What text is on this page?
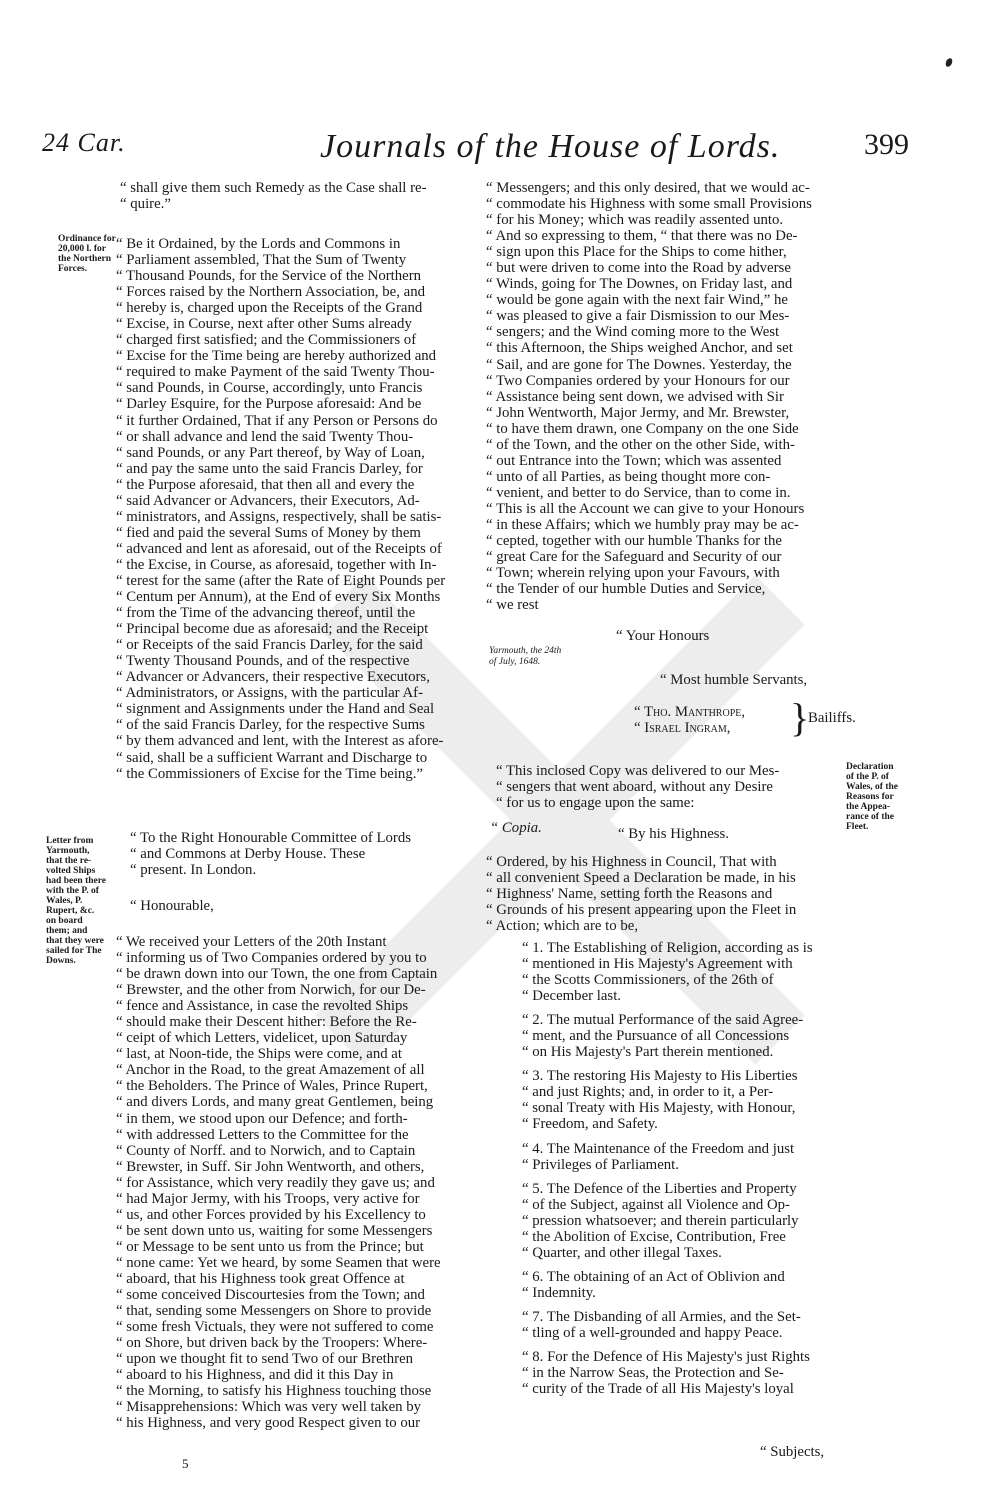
24 Car.	Journals of the House of Lords.	399
Ordinance for
20,000 l. for
the Northern
Forces.
Letter from
Yarmouth,
that the re-
volted Ships
had been there
with the P. of
Wales, P.
Rupert, &c.
on board
them; and
that they were
sailed for The
Downs.
Declaration
of the P. of
Wales, of the
Reasons for
the Appea-
rance of the
Fleet.
Yarmouth, the 24th
of July, 1648.

“ shall give them such Remedy as the Case shall re-
“ quire.”

“ Be it Ordained, by the Lords and Commons in
“ Parliament assembled, That the Sum of Twenty
“ Thousand Pounds, for the Service of the Northern
“ Forces raised by the Northern Association, be, and
“ hereby is, charged upon the Receipts of the Grand
“ Excise, in Course, next after other Sums already
“ charged first satisfied; and the Commissioners of
“ Excise for the Time being are hereby authorized and
“ required to make Payment of the said Twenty Thou-
“ sand Pounds, in Course, accordingly, unto Francis
“ Darley Esquire, for the Purpose aforesaid: And be
“ it further Ordained, That if any Person or Persons do
“ or shall advance and lend the said Twenty Thou-
“ sand Pounds, or any Part thereof, by Way of Loan,
“ and pay the same unto the said Francis Darley, for
“ the Purpose aforesaid, that then all and every the
“ said Advancer or Advancers, their Executors, Ad-
“ ministrators, and Assigns, respectively, shall be satis-
“ fied and paid the several Sums of Money by them
“ advanced and lent as aforesaid, out of the Receipts of
“ the Excise, in Course, as aforesaid, together with In-
“ terest for the same (after the Rate of Eight Pounds per
“ Centum per Annum), at the End of every Six Months
“ from the Time of the advancing thereof, until the
“ Principal become due as aforesaid; and the Receipt
“ or Receipts of the said Francis Darley, for the said
“ Twenty Thousand Pounds, and of the respective
“ Advancer or Advancers, their respective Executors,
“ Administrators, or Assigns, with the particular Af-
“ signment and Assignments under the Hand and Seal
“ of the said Francis Darley, for the respective Sums
“ by them advanced and lent, with the Interest as afore-
“ said, shall be a sufficient Warrant and Discharge to
“ the Commissioners of Excise for the Time being.”

“ To the Right Honourable Committee of Lords
“ and Commons at Derby House. These
“ present. In London.

“ Honourable,

“ We received your Letters of the 20th Instant
“ informing us of Two Companies ordered by you to
“ be drawn down into our Town, the one from Captain
“ Brewster, and the other from Norwich, for our De-
“ fence and Assistance, in case the revolted Ships
“ should make their Descent hither: Before the Re-
“ ceipt of which Letters, videlicet, upon Saturday
“ last, at Noon-tide, the Ships were come, and at
“ Anchor in the Road, to the great Amazement of all
“ the Beholders. The Prince of Wales, Prince Rupert,
“ and divers Lords, and many great Gentlemen, being
“ in them, we stood upon our Defence; and forth-
“ with addressed Letters to the Committee for the
“ County of Norff. and to Norwich, and to Captain
“ Brewster, in Suff. Sir John Wentworth, and others,
“ for Assistance, which very readily they gave us; and
“ had Major Jermy, with his Troops, very active for
“ us, and other Forces provided by his Excellency to
“ be sent down unto us, waiting for some Messengers
“ or Message to be sent unto us from the Prince; but
“ none came: Yet we heard, by some Seamen that were
“ aboard, that his Highness took great Offence at
“ some conceived Discourtesies from the Town; and
“ that, sending some Messengers on Shore to provide
“ some fresh Victuals, they were not suffered to come
“ on Shore, but driven back by the Troopers: Where-
“ upon we thought fit to send Two of our Brethren
“ aboard to his Highness, and did it this Day in
“ the Morning, to satisfy his Highness touching those
“ Misapprehensions: Which was very well taken by
“ his Highness, and very good Respect given to our

5

“ Messengers; and this only desired, that we would ac-
“ commodate his Highness with some small Provisions
“ for his Money; which was readily assented unto.
“ And so expressing to them, “ that there was no De-
“ sign upon this Place for the Ships to come hither,
“ but were driven to come into the Road by adverse
“ Winds, going for The Downes, on Friday last, and
“ would be gone again with the next fair Wind,” he
“ was pleased to give a fair Dismission to our Mes-
“ sengers; and the Wind coming more to the West
“ this Afternoon, the Ships weighed Anchor, and set
“ Sail, and are gone for The Downes. Yesterday, the
“ Two Companies ordered by your Honours for our
“ Assistance being sent down, we advised with Sir
“ John Wentworth, Major Jermy, and Mr. Brewster,
“ to have them drawn, one Company on the one Side
“ of the Town, and the other on the other Side, with-
“ out Entrance into the Town; which was assented
“ unto of all Parties, as being thought more con-
“ venient, and better to do Service, than to come in.
“ This is all the Account we can give to your Honours
“ in these Affairs; which we humbly pray may be ac-
“ cepted, together with our humble Thanks for the
“ great Care for the Safeguard and Security of our
“ Town; wherein relying upon your Favours, with
“ the Tender of our humble Duties and Service,
“ we rest

“ Your Honours
“ Most humble Servants,
“ Tho. Manthrope,
“ Israel Ingram, }
Bailiffs.

“ This inclosed Copy was delivered to our Mes-
“ sengers that went aboard, without any Desire
“ for us to engage upon the same:

“ Copia.	“ By his Highness.

“ Ordered, by his Highness in Council, That with
“ all convenient Speed a Declaration be made, in his
“ Highness' Name, setting forth the Reasons and
“ Grounds of his present appearing upon the Fleet in
“ Action; which are to be,

“ 1. The Establishing of Religion, according as is
“ mentioned in His Majesty's Agreement with
“ the Scotts Commissioners, of the 26th of
“ December last.

“ 2. The mutual Performance of the said Agree-
“ ment, and the Pursuance of all Concessions
“ on His Majesty's Part therein mentioned.

“ 3. The restoring His Majesty to His Liberties
“ and just Rights; and, in order to it, a Per-
“ sonal Treaty with His Majesty, with Honour,
“ Freedom, and Safety.

“ 4. The Maintenance of the Freedom and just
“ Privileges of Parliament.

“ 5. The Defence of the Liberties and Property
“ of the Subject, against all Violence and Op-
“ pression whatsoever; and therein particularly
“ the Abolition of Excise, Contribution, Free
“ Quarter, and other illegal Taxes.

“ 6. The obtaining of an Act of Oblivion and
“ Indemnity.

“ 7. The Disbanding of all Armies, and the Set-
“ tling of a well-grounded and happy Peace.

“ 8. For the Defence of His Majesty's just Rights
“ in the Narrow Seas, the Protection and Se-
“ curity of the Trade of all His Majesty's loyal

“ Subjects,
